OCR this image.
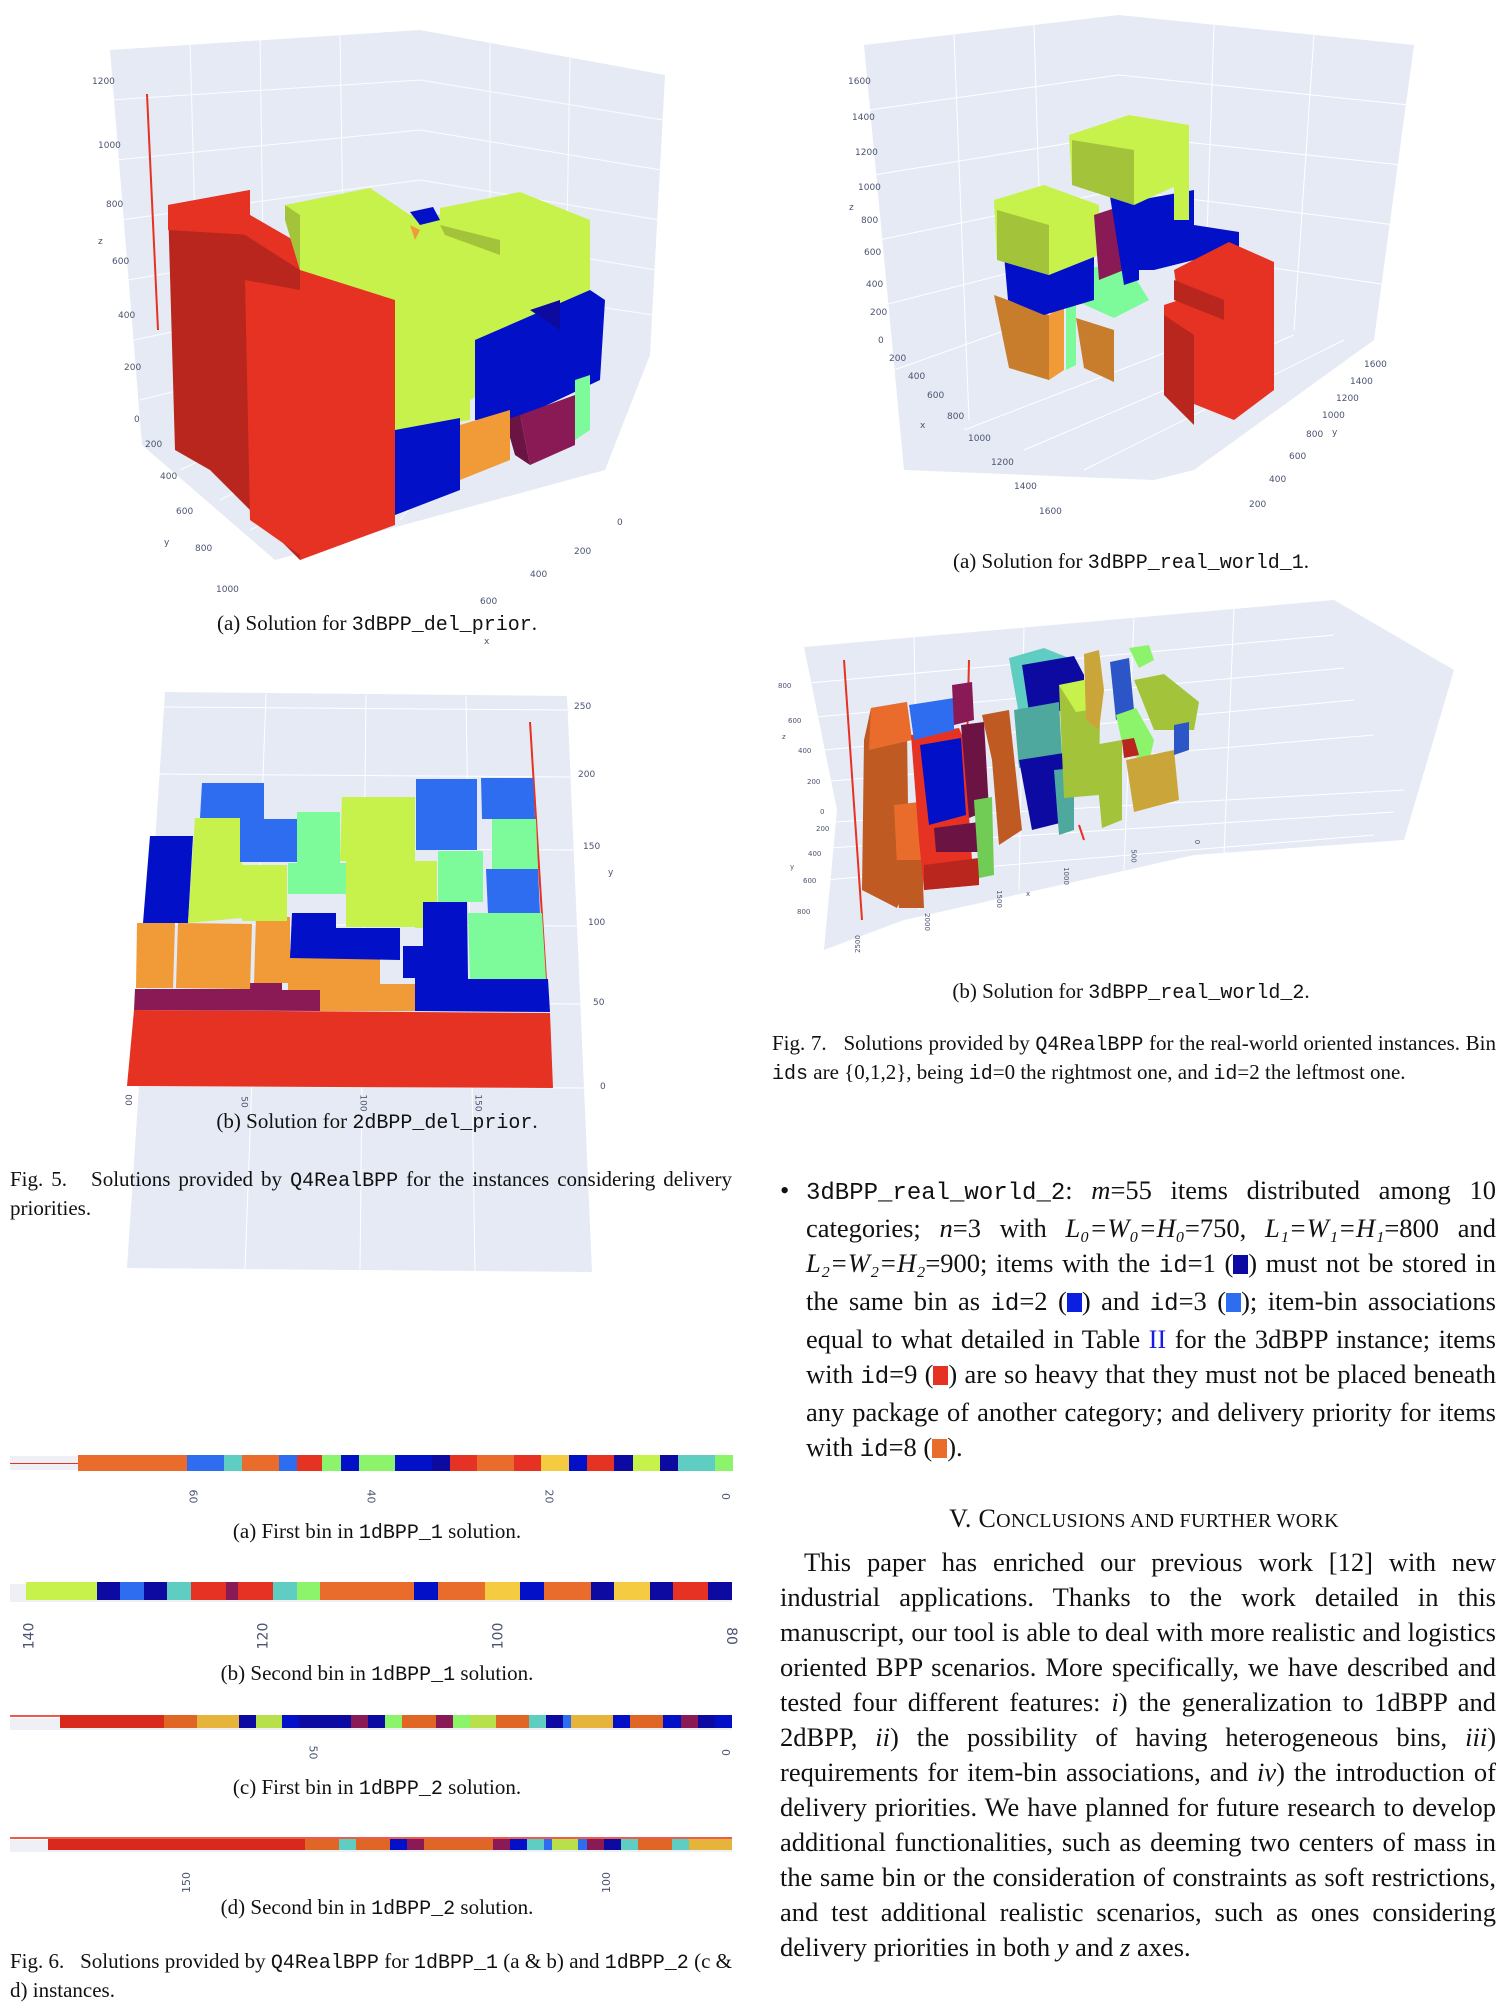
1200
1000
800
600
400
200
0
z
200
400
600
800
1000
y
0
200
400
600
x
(a) Solution for 3dBPP_del_prior.
250
200
150
100
50
0
y
00	50	100	150
(b) Solution for 2dBPP_del_prior.
Fig. 5. Solutions provided by Q4RealBPP for the instances considering delivery priorities.
60	40	20	0
(a) First bin in 1dBPP_1 solution.
140	120	100	80
(b) Second bin in 1dBPP_1 solution.
50	0
(c) First bin in 1dBPP_2 solution.
150	100
(d) Second bin in 1dBPP_2 solution.
Fig. 6. Solutions provided by Q4RealBPP for 1dBPP_1 (a & b) and 1dBPP_2 (c & d) instances.
1600
1400
1200
1000
800
600
400
200
0
z
200
400
600
800
1000
1200
1400
1600
x
1600
1400
1200
1000
800
600
400
200
y
(a) Solution for 3dBPP_real_world_1.
800
600
400
200
0
z
200
400
600
800
y
2500
2000
1500
1000
500
0
x
(b) Solution for 3dBPP_real_world_2.
Fig. 7. Solutions provided by Q4RealBPP for the real-world oriented instances. Bin ids are {0,1,2}, being id=0 the rightmost one, and id=2 the leftmost one.
• 3dBPP_real_world_2: m=55 items distributed among 10 categories; n=3 with L₀=W₀=H₀=750, L₁=W₁=H₁=800 and L₂=W₂=H₂=900; items with the id=1 ( ) must not be stored in the same bin as id=2 ( ) and id=3 ( ); item-bin associations equal to what detailed in Table II for the 3dBPP instance; items with id=9 ( ) are so heavy that they must not be placed beneath any package of another category; and delivery priority for items with id=8 ( ).
V. CONCLUSIONS AND FURTHER WORK
This paper has enriched our previous work [12] with new industrial applications. Thanks to the work detailed in this manuscript, our tool is able to deal with more realistic and logistics oriented BPP scenarios. More specifically, we have described and tested four different features: i) the generalization to 1dBPP and 2dBPP, ii) the possibility of having heterogeneous bins, iii) requirements for item-bin associations, and iv) the introduction of delivery priorities. We have planned for future research to develop additional functionalities, such as deeming two centers of mass in the same bin or the consideration of constraints as soft restrictions, and test additional realistic scenarios, such as ones considering delivery priorities in both y and z axes.
